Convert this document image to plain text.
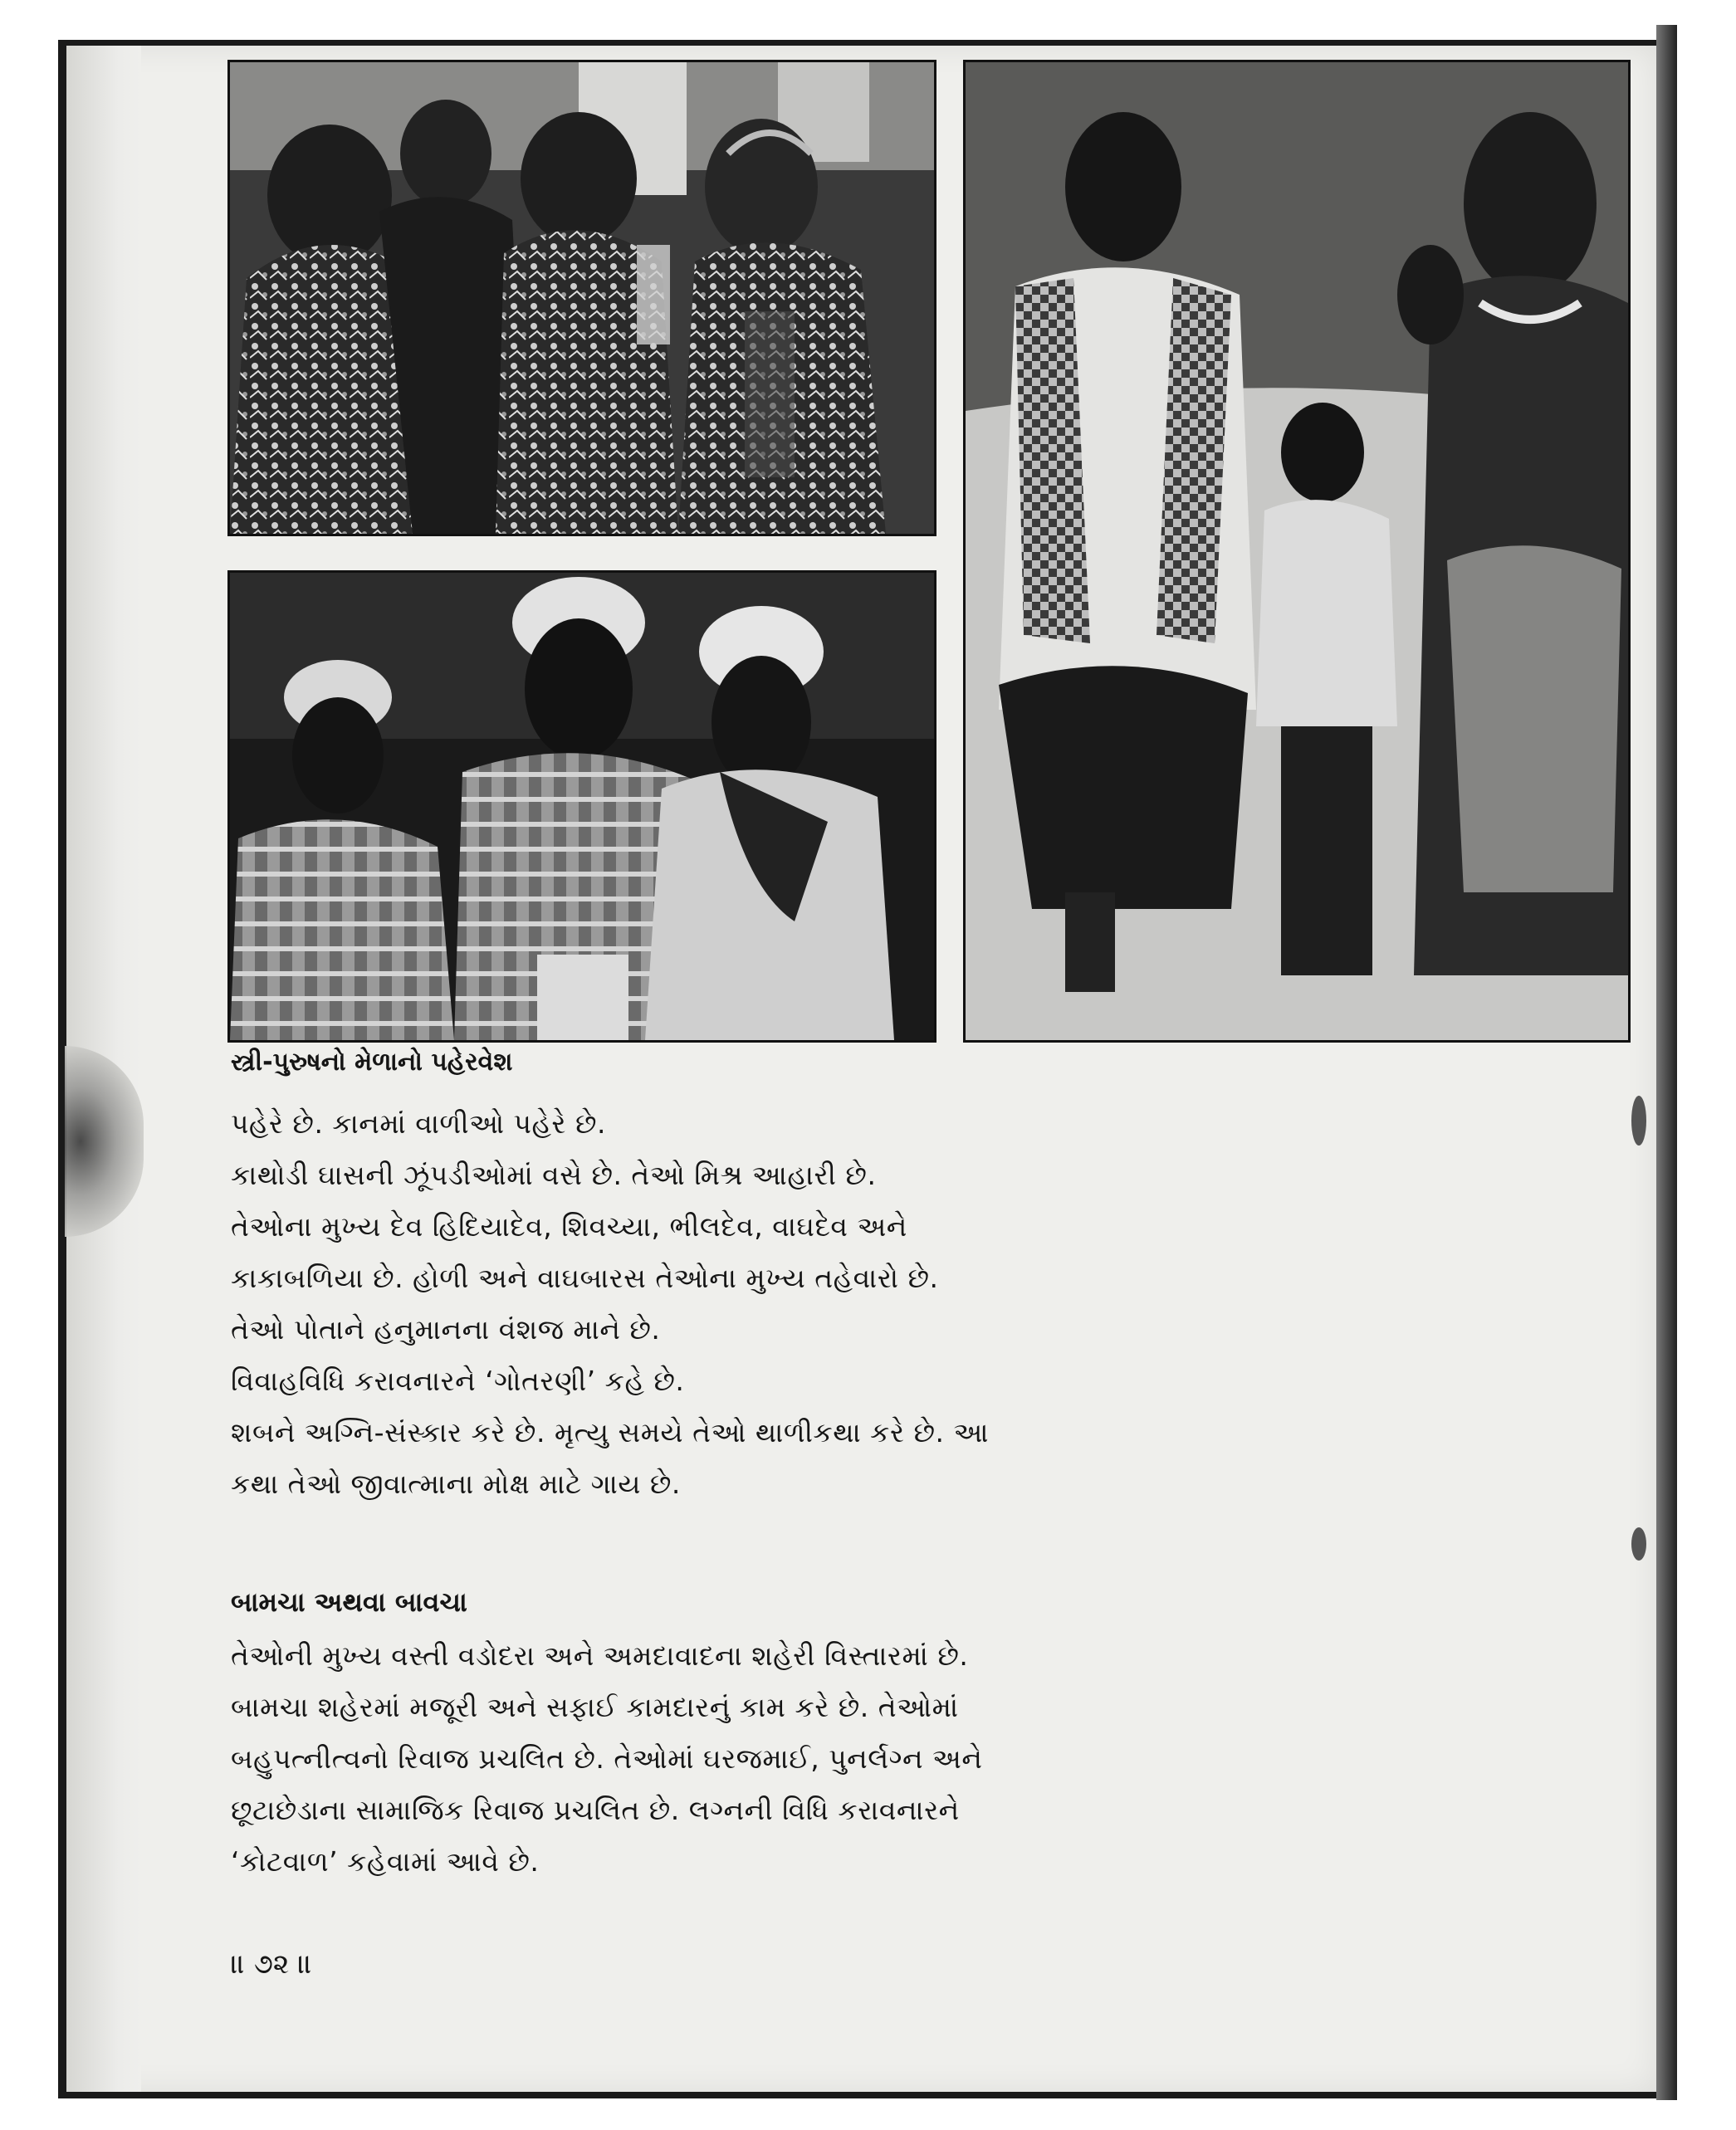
સ્ત્રી-પુરુષનો મેળાનો પહેરવેશ
પહેરે છે. કાનમાં વાળીઓ પહેરે છે.
કાથોડી ઘાસની ઝૂંપડીઓમાં વસે છે. તેઓ મિશ્ર આહારી છે.
તેઓના મુખ્ય દેવ હિદિયાદેવ, શિવચ્યા, ભીલદેવ, વાઘદેવ અને
કાકાબળિયા છે. હોળી અને વાઘબારસ તેઓના મુખ્ય તહેવારો છે.
તેઓ પોતાને હનુમાનના વંશજ માને છે.
વિવાહવિધિ કરાવનારને ‘ગોતરણી’ કહે છે.
શબને અગ્નિ-સંસ્કાર કરે છે. મૃત્યુ સમયે તેઓ થાળીકથા કરે છે. આ
કથા તેઓ જીવાત્માના મોક્ષ માટે ગાય છે.
બામચા અથવા બાવચા
તેઓની મુખ્ય વસ્તી વડોદરા અને અમદાવાદના શહેરી વિસ્તારમાં છે.
બામચા શહેરમાં મજૂરી અને સફાઈ કામદારનું કામ કરે છે. તેઓમાં
બહુપત્નીત્વનો રિવાજ પ્રચલિત છે. તેઓમાં ઘરજમાઈ, પુનર્લગ્ન અને
છૂટાછેડાના સામાજિક રિવાજ પ્રચલિત છે. લગ્નની વિધિ કરાવનારને
‘કોટવાળ’ કહેવામાં આવે છે.
॥ ૭૨ ॥
